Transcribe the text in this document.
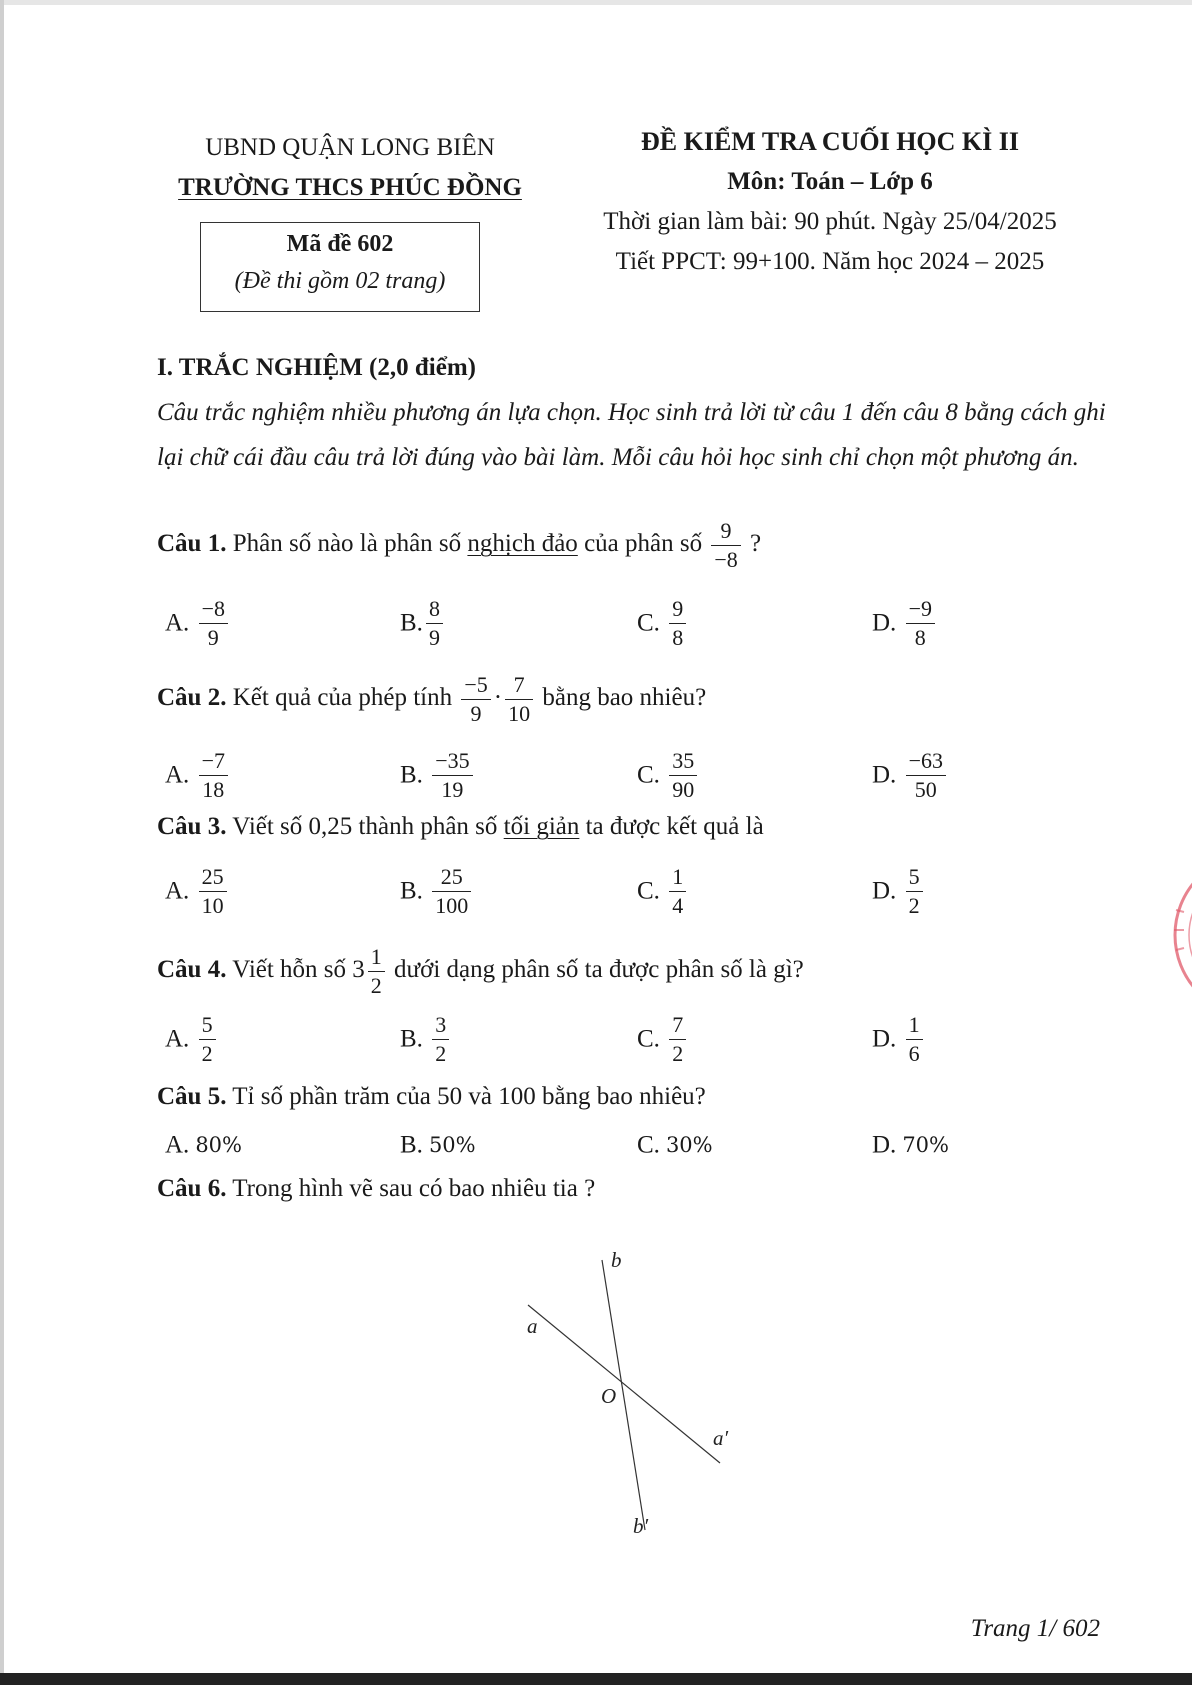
UBND QUẬN LONG BIÊN
TRƯỜNG THCS PHÚC ĐỒNG
Mã đề 602
(Đề thi gồm 02 trang)
ĐỀ KIỂM TRA CUỐI HỌC KÌ II
Môn: Toán – Lớp 6
Thời gian làm bài: 90 phút. Ngày 25/04/2025
Tiết PPCT: 99+100. Năm học 2024 – 2025
I. TRẮC NGHIỆM (2,0 điểm)
Câu trắc nghiệm nhiều phương án lựa chọn. Học sinh trả lời từ câu 1 đến câu 8 bằng cách ghi lại chữ cái đầu câu trả lời đúng vào bài làm. Mỗi câu hỏi học sinh chỉ chọn một phương án.
Câu 1. Phân số nào là phân số nghịch đảo của phân số $\frac{9}{-8}$ ?
A. $\frac{-8}{9}$	B. $\frac{8}{9}$	C. $\frac{9}{8}$	D. $\frac{-9}{8}$
Câu 2. Kết quả của phép tính $\frac{-5}{9} \cdot \frac{7}{10}$ bằng bao nhiêu?
A. $\frac{-7}{18}$	B. $\frac{-35}{19}$	C. $\frac{35}{90}$	D. $\frac{-63}{50}$
Câu 3. Viết số 0,25 thành phân số tối giản ta được kết quả là
A. $\frac{25}{10}$	B. $\frac{25}{100}$	C. $\frac{1}{4}$	D. $\frac{5}{2}$
Câu 4. Viết hỗn số $3 \frac{1}{2}$ dưới dạng phân số ta được phân số là gì?
A. $\frac{5}{2}$	B. $\frac{3}{2}$	C. $\frac{7}{2}$	D. $\frac{1}{6}$
Câu 5. Tỉ số phần trăm của 50 và 100 bằng bao nhiêu?
A. 80%	B. 50%	C. 30%	D. 70%
Câu 6. Trong hình vẽ sau có bao nhiêu tia ?
b
a
O
a′
b′
Trang 1/ 602
